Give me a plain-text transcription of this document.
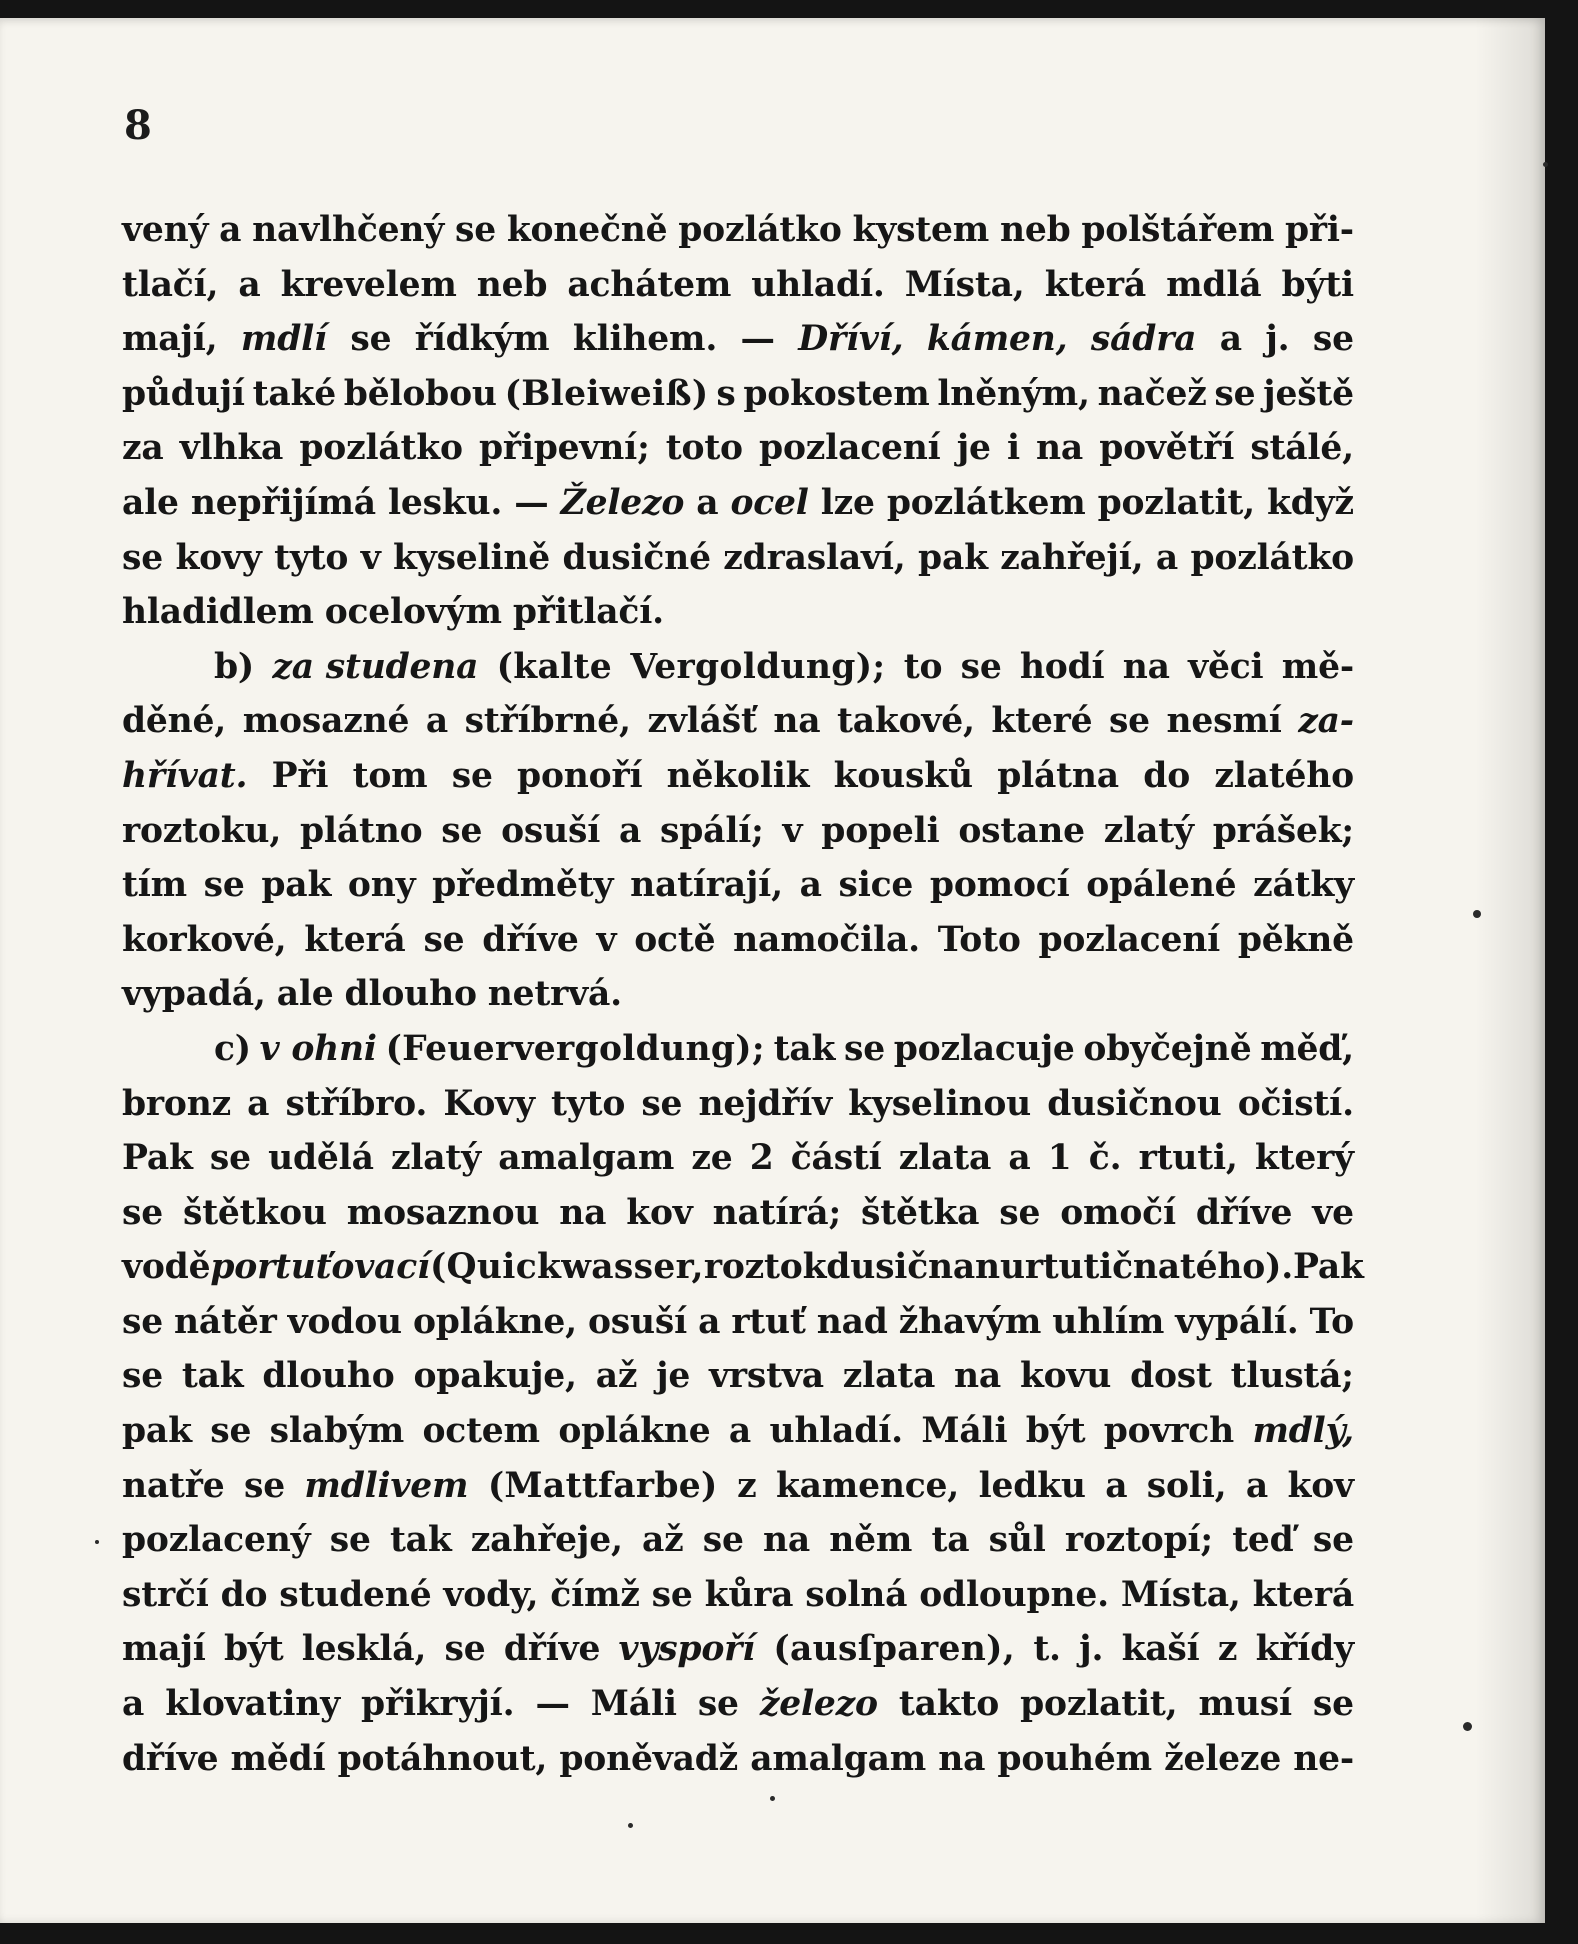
8
vený a navlhčený se konečně pozlátko kystem neb polštářem při-
tlačí, a krevelem neb achátem uhladí. Místa, která mdlá býti
mají, mdlí se řídkým klihem. — Dříví, kámen, sádra a j. se
půdují také bělobou (Bleiweiß) s pokostem lněným, načež se ještě
za vlhka pozlátko připevní; toto pozlacení je i na povětří stálé,
ale nepřijímá lesku. — Železo a ocel lze pozlátkem pozlatit, když
se kovy tyto v kyselině dusičné zdraslaví, pak zahřejí, a pozlátko
hladidlem ocelovým přitlačí.
b) za studena (kalte Vergoldung); to se hodí na věci mě-
děné, mosazné a stříbrné, zvlášť na takové, které se nesmí za-
hřívat. Při tom se ponoří několik kousků plátna do zlatého
roztoku, plátno se osuší a spálí; v popeli ostane zlatý prášek;
tím se pak ony předměty natírají, a sice pomocí opálené zátky
korkové, která se dříve v octě namočila. Toto pozlacení pěkně
vypadá, ale dlouho netrvá.
c) v ohni (Feuervergoldung); tak se pozlacuje obyčejně měď,
bronz a stříbro. Kovy tyto se nejdřív kyselinou dusičnou očistí.
Pak se udělá zlatý amalgam ze 2 částí zlata a 1 č. rtuti, který
se štětkou mosaznou na kov natírá; štětka se omočí dříve ve
vodě portuťovací (Quickwasser, roztok dusičnanu rtutičnatého). Pak
se nátěr vodou opláknе, osuší a rtuť nad žhavým uhlím vypálí. To
se tak dlouho opakuje, až je vrstva zlata na kovu dost tlustá;
pak se slabým octem opláknе a uhladí. Máli být povrch mdlý,
natře se mdlivem (Mattfarbe) z kamence, ledku a soli, a kov
pozlacený se tak zahřeje, až se na něm ta sůl roztopí; teď se
strčí do studené vody, čímž se kůra solná odloupne. Místa, která
mají být lesklá, se dříve vyspoří (ausſparen), t. j. kaší z křídy
a klovatiny přikryjí. — Máli se železo takto pozlatit, musí se
dříve mědí potáhnout, poněvadž amalgam na pouhém železe ne-
